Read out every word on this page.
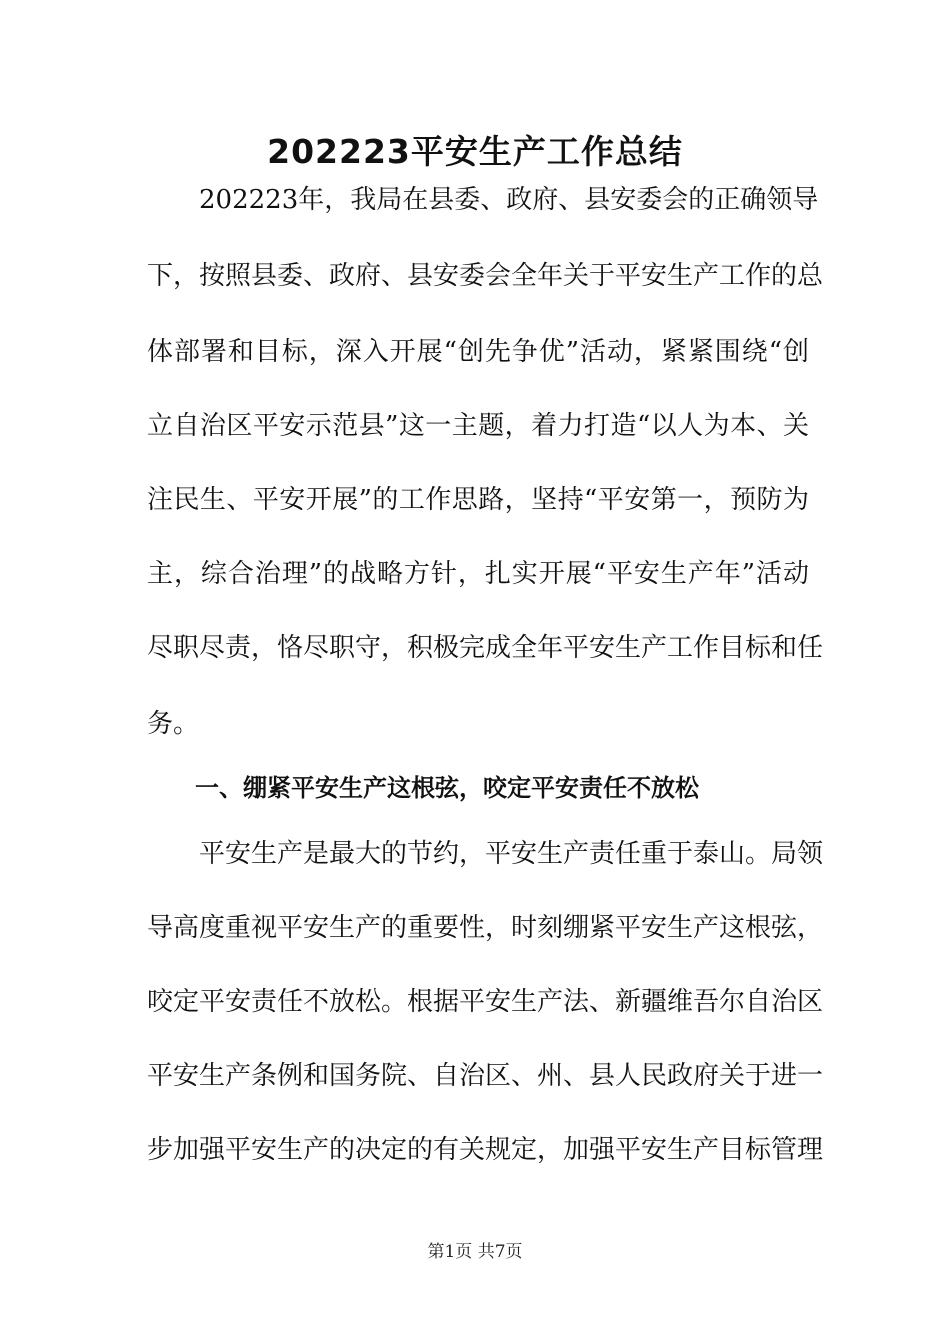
202223平安生产工作总结
202223年，我局在县委、政府、县安委会的正确领导
下，按照县委、政府、县安委会全年关于平安生产工作的总
体部署和目标，深入开展“创先争优”活动，紧紧围绕“创
立自治区平安示范县”这一主题，着力打造“以人为本、关
注民生、平安开展”的工作思路，坚持“平安第一，预防为
主，综合治理”的战略方针，扎实开展“平安生产年”活动
尽职尽责，恪尽职守，积极完成全年平安生产工作目标和任
务。
一、绷紧平安生产这根弦，咬定平安责任不放松
平安生产是最大的节约，平安生产责任重于泰山。局领
导高度重视平安生产的重要性，时刻绷紧平安生产这根弦，
咬定平安责任不放松。根据平安生产法、新疆维吾尔自治区
平安生产条例和国务院、自治区、州、县人民政府关于进一
步加强平安生产的决定的有关规定，加强平安生产目标管理
第1页 共7页
